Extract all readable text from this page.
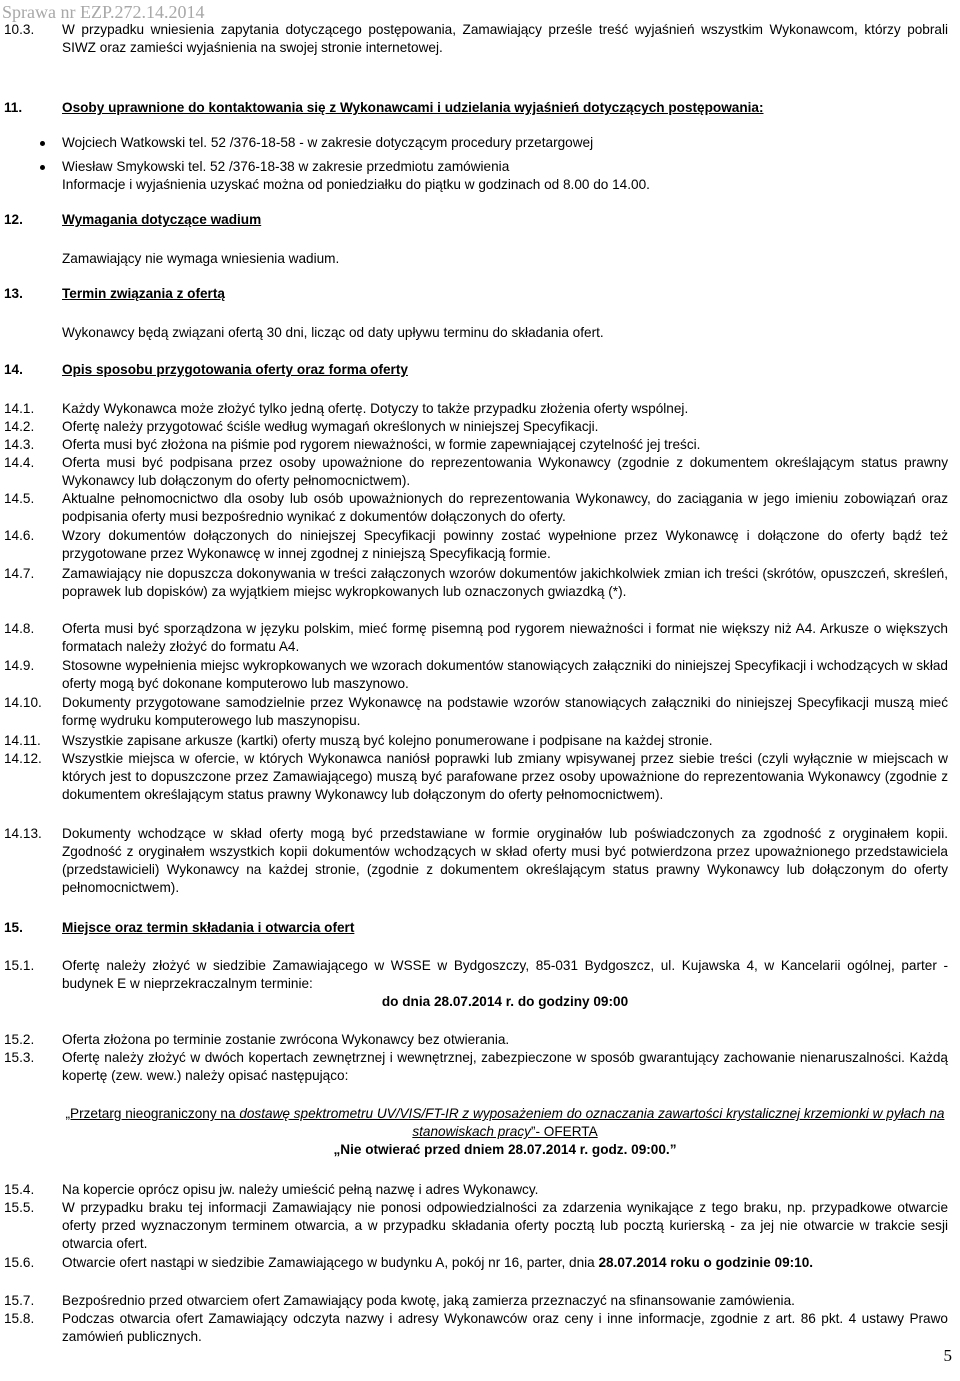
Sprawa nr EZP.272.14.2014
10.3. W przypadku wniesienia zapytania dotyczącego postępowania, Zamawiający prześle treść wyjaśnień wszystkim Wykonawcom, którzy pobrali SIWZ oraz zamieści wyjaśnienia na swojej stronie internetowej.
11.	Osoby uprawnione do kontaktowania się z Wykonawcami i udzielania wyjaśnień dotyczących postępowania:
Wojciech Watkowski tel. 52 /376-18-58 - w zakresie dotyczącym procedury przetargowej
Wiesław Smykowski tel. 52 /376-18-38 w zakresie przedmiotu zamówienia
Informacje i wyjaśnienia uzyskać można od poniedziałku do piątku w godzinach od 8.00 do 14.00.
12.	Wymagania dotyczące wadium
Zamawiający nie wymaga wniesienia wadium.
13.	Termin związania z ofertą
Wykonawcy będą związani ofertą 30 dni, licząc od daty upływu terminu do składania ofert.
14.	Opis sposobu przygotowania oferty oraz forma oferty
14.1. Każdy Wykonawca może złożyć tylko jedną ofertę. Dotyczy to także przypadku złożenia oferty wspólnej.
14.2. Ofertę należy przygotować ściśle według wymagań określonych w niniejszej Specyfikacji.
14.3. Oferta musi być złożona na piśmie pod rygorem nieważności, w formie zapewniającej czytelność jej treści.
14.4. Oferta musi być podpisana przez osoby upoważnione do reprezentowania Wykonawcy (zgodnie z dokumentem określającym status prawny Wykonawcy lub dołączonym do oferty pełnomocnictwem).
14.5. Aktualne pełnomocnictwo dla osoby lub osób upoważnionych do reprezentowania Wykonawcy, do zaciągania w jego imieniu zobowiązań oraz podpisania oferty musi bezpośrednio wynikać z dokumentów dołączonych do oferty.
14.6. Wzory dokumentów dołączonych do niniejszej Specyfikacji powinny zostać wypełnione przez Wykonawcę i dołączone do oferty bądź też przygotowane przez Wykonawcę w innej zgodnej z niniejszą Specyfikacją formie.
14.7. Zamawiający nie dopuszcza dokonywania w treści załączonych wzorów dokumentów jakichkolwiek zmian ich treści (skrótów, opuszczeń, skreśleń, poprawek lub dopisków) za wyjątkiem miejsc wykropkowanych lub oznaczonych gwiazdką (*).
14.8. Oferta musi być sporządzona w języku polskim, mieć formę pisemną pod rygorem nieważności i format nie większy niż A4. Arkusze o większych formatach należy złożyć do formatu A4.
14.9. Stosowne wypełnienia miejsc wykropkowanych we wzorach dokumentów stanowiących załączniki do niniejszej Specyfikacji i wchodzących w skład oferty mogą być dokonane komputerowo lub maszynowo.
14.10. Dokumenty przygotowane samodzielnie przez Wykonawcę na podstawie wzorów stanowiących załączniki do niniejszej Specyfikacji muszą mieć formę wydruku komputerowego lub maszynopisu.
14.11. Wszystkie zapisane arkusze (kartki) oferty muszą być kolejno ponumerowane i podpisane na każdej stronie.
14.12. Wszystkie miejsca w ofercie, w których Wykonawca naniósł poprawki lub zmiany wpisywanej przez siebie treści (czyli wyłącznie w miejscach w których jest to dopuszczone przez Zamawiającego) muszą być parafowane przez osoby upoważnione do reprezentowania Wykonawcy (zgodnie z dokumentem określającym status prawny Wykonawcy lub dołączonym do oferty pełnomocnictwem).
14.13. Dokumenty wchodzące w skład oferty mogą być przedstawiane w formie oryginałów lub poświadczonych za zgodność z oryginałem kopii. Zgodność z oryginałem wszystkich kopii dokumentów wchodzących w skład oferty musi być potwierdzona przez upoważnionego przedstawiciela (przedstawicieli) Wykonawcy na każdej stronie, (zgodnie z dokumentem określającym status prawny Wykonawcy lub dołączonym do oferty pełnomocnictwem).
15.	Miejsce oraz termin składania i otwarcia ofert
15.1. Ofertę należy złożyć w siedzibie Zamawiającego w WSSE w Bydgoszczy, 85-031 Bydgoszcz, ul. Kujawska 4, w Kancelarii ogólnej, parter - budynek E w nieprzekraczalnym terminie:
do dnia 28.07.2014 r. do godziny 09:00
15.2. Oferta złożona po terminie zostanie zwrócona Wykonawcy bez otwierania.
15.3. Ofertę należy złożyć w dwóch kopertach zewnętrznej i wewnętrznej, zabezpieczone w sposób gwarantujący zachowanie nienaruszalności. Każdą kopertę (zew. wew.) należy opisać następująco:
„Przetarg nieograniczony na dostawę spektrometru UV/VIS/FT-IR z wyposażeniem do oznaczania zawartości krystalicznej krzemionki w pyłach na stanowiskach pracy”- OFERTA
„Nie otwierać przed dniem 28.07.2014 r. godz. 09:00.”
15.4. Na kopercie oprócz opisu jw. należy umieścić pełną nazwę i adres Wykonawcy.
15.5. W przypadku braku tej informacji Zamawiający nie ponosi odpowiedzialności za zdarzenia wynikające z tego braku, np. przypadkowe otwarcie oferty przed wyznaczonym terminem otwarcia, a w przypadku składania oferty pocztą lub pocztą kurierską - za jej nie otwarcie w trakcie sesji otwarcia ofert.
15.6. Otwarcie ofert nastąpi w siedzibie Zamawiającego w budynku A, pokój nr 16, parter, dnia 28.07.2014 roku o godzinie 09:10.
15.7. Bezpośrednio przed otwarciem ofert Zamawiający poda kwotę, jaką zamierza przeznaczyć na sfinansowanie zamówienia.
15.8. Podczas otwarcia ofert Zamawiający odczyta nazwy i adresy Wykonawców oraz ceny i inne informacje, zgodnie z art. 86 pkt. 4 ustawy Prawo zamówień publicznych.
5
